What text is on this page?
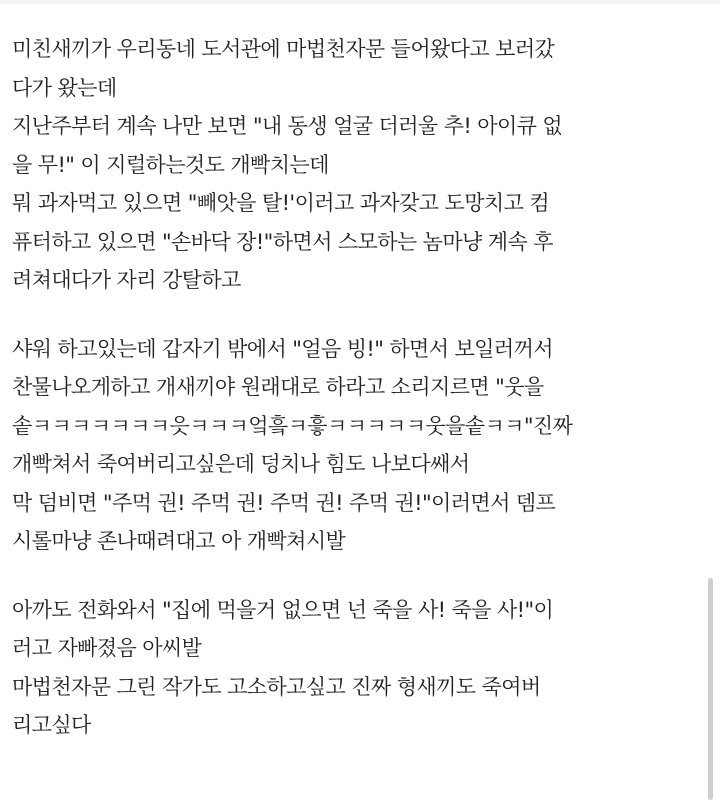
미친새끼가 우리동네 도서관에 마법천자문 들어왔다고 보러갔
다가 왔는데
지난주부터 계속 나만 보면 "내 동생 얼굴 더러울 추! 아이큐 없
을 무!" 이 지럴하는것도 개빡치는데
뭐 과자먹고 있으면 "빼앗을 탈!'이러고 과자갖고 도망치고 컴
퓨터하고 있으면 "손바닥 장!"하면서 스모하는 놈마냥 계속 후
려쳐대다가 자리 강탈하고
샤워 하고있는데 갑자기 밖에서 "얼음 빙!" 하면서 보일러꺼서
찬물나오게하고 개새끼야 원래대로 하라고 소리지르면 "웃을
솥ㅋㅋㅋㅋㅋㅋㅋ읏ㅋㅋㅋ엌흨ㅋ흫ㅋㅋㅋㅋㅋ웃을솥ㅋㅋ"진짜
개빡쳐서 죽여버리고싶은데 덩치나 힘도 나보다쌔서
막 덤비면 "주먹 권! 주먹 권! 주먹 권! 주먹 권!"이러면서 뎀프
시롤마냥 존나때려대고 아 개빡쳐시발
아까도 전화와서 "집에 먹을거 없으면 넌 죽을 사! 죽을 사!"이
러고 자빠졌음 아씨발
마법천자문 그린 작가도 고소하고싶고 진짜 형새끼도 죽여버
리고싶다
